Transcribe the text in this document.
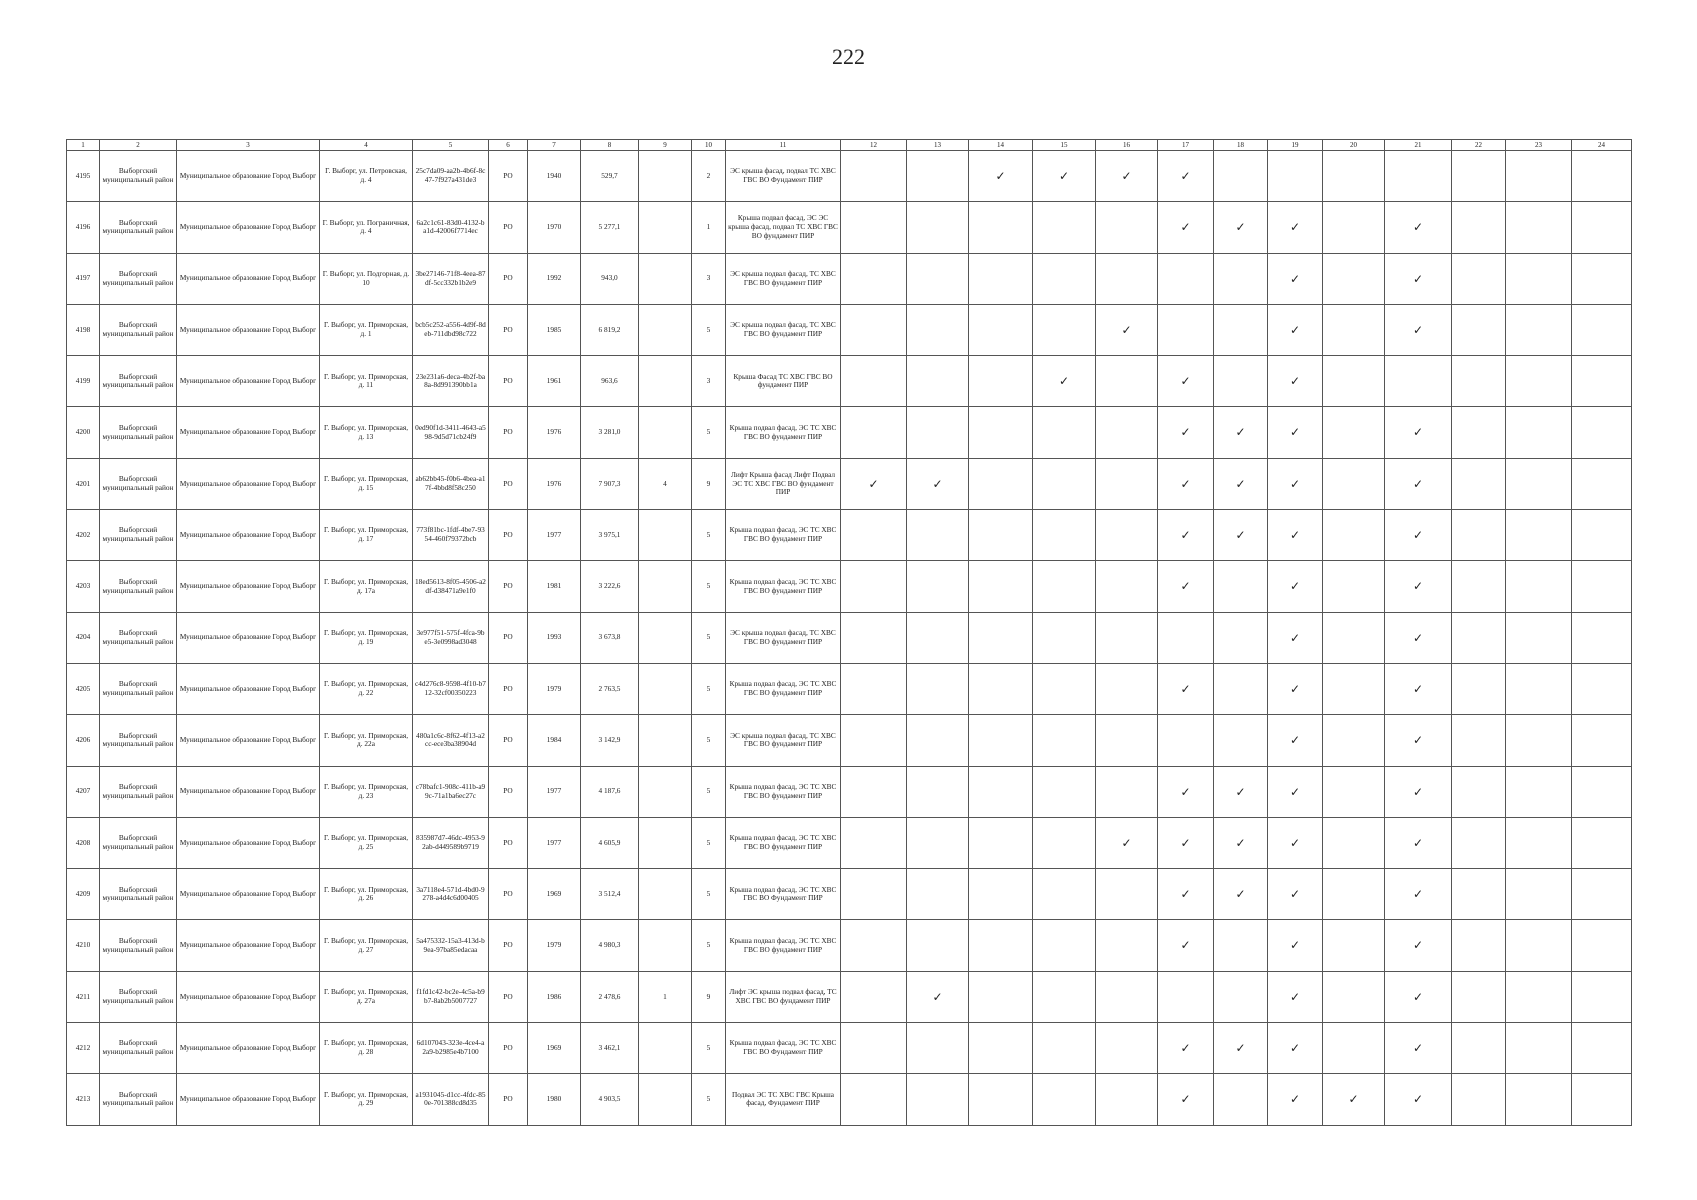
222
1	2	3	4	5	6	7	8	9	10	11	12	13	14	15	16	17	18	19	20	21	22	23	24
4195	Выборгский муниципальный район	Муниципальное образование Город Выборг	Г. Выборг, ул. Петровская, д. 4	25c7da09-aa2b-4b6f-8c47-7f927a431de3	РО	1940	529,7		2	ЭС крыша фасад, подвал ТС ХВС ГВС ВО Фундамент ПИР			✓	✓	✓	✓							
4196	Выборгский муниципальный район	Муниципальное образование Город Выборг	Г. Выборг, ул. Пограничная, д. 4	6a2c1c61-83d0-4132-ba1d-42006f7714ec	РО	1970	5 277,1		1	Крыша подвал фасад, ЭС ЭС крыша фасад, подвал ТС ХВС ГВС ВО фундамент ПИР						✓	✓	✓		✓			
4197	Выборгский муниципальный район	Муниципальное образование Город Выборг	Г. Выборг, ул. Подгорная, д. 10	3be27146-71f8-4eea-87df-5cc332b1b2e9	РО	1992	943,0		3	ЭС крыша подвал фасад, ТС ХВС ГВС ВО фундамент ПИР								✓		✓			
4198	Выборгский муниципальный район	Муниципальное образование Город Выборг	Г. Выборг, ул. Приморская, д. 1	bcb5c252-a556-4d9f-8deb-711dbd98c722	РО	1985	6 819,2		5	ЭС крыша подвал фасад, ТС ХВС ГВС ВО фундамент ПИР					✓			✓		✓			
4199	Выборгский муниципальный район	Муниципальное образование Город Выборг	Г. Выборг, ул. Приморская, д. 11	23e231a6-deca-4b2f-ba8a-8d991390bb1a	РО	1961	963,6		3	Крыша Фасад ТС ХВС ГВС ВО фундамент ПИР				✓		✓		✓					
4200	Выборгский муниципальный район	Муниципальное образование Город Выборг	Г. Выборг, ул. Приморская, д. 13	0ed90f1d-3411-4643-a598-9d5d71cb24f9	РО	1976	3 281,0		5	Крыша подвал фасад, ЭС ТС ХВС ГВС ВО фундамент ПИР						✓	✓	✓		✓			
4201	Выборгский муниципальный район	Муниципальное образование Город Выборг	Г. Выборг, ул. Приморская, д. 15	ab62bb45-f0b6-4bea-a17f-4bbd8f58c250	РО	1976	7 907,3	4	9	Лифт Крыша фасад Лифт Подвал ЭС ТС ХВС ГВС ВО фундамент ПИР	✓	✓				✓	✓	✓		✓			
4202	Выборгский муниципальный район	Муниципальное образование Город Выборг	Г. Выборг, ул. Приморская, д. 17	773f81bc-1fdf-4be7-9354-460f79372bcb	РО	1977	3 975,1		5	Крыша подвал фасад, ЭС ТС ХВС ГВС ВО фундамент ПИР						✓	✓	✓		✓			
4203	Выборгский муниципальный район	Муниципальное образование Город Выборг	Г. Выборг, ул. Приморская, д. 17а	18ed5613-8f05-4506-a2df-d38471a9e1f0	РО	1981	3 222,6		5	Крыша подвал фасад, ЭС ТС ХВС ГВС ВО фундамент ПИР						✓		✓		✓			
4204	Выборгский муниципальный район	Муниципальное образование Город Выборг	Г. Выборг, ул. Приморская, д. 19	3e977f51-575f-4fca-9be5-3e0998ad3048	РО	1993	3 673,8		5	ЭС крыша подвал фасад, ТС ХВС ГВС ВО фундамент ПИР								✓		✓			
4205	Выборгский муниципальный район	Муниципальное образование Город Выборг	Г. Выборг, ул. Приморская, д. 22	c4d276c8-9598-4f10-b712-32cf00350223	РО	1979	2 763,5		5	Крыша подвал фасад, ЭС ТС ХВС ГВС ВО фундамент ПИР						✓		✓		✓			
4206	Выборгский муниципальный район	Муниципальное образование Город Выборг	Г. Выборг, ул. Приморская, д. 22а	480a1c6c-8f62-4f13-a2cc-ece3ba38904d	РО	1984	3 142,9		5	ЭС крыша подвал фасад, ТС ХВС ГВС ВО фундамент ПИР								✓		✓			
4207	Выборгский муниципальный район	Муниципальное образование Город Выборг	Г. Выборг, ул. Приморская, д. 23	c78bafc1-908c-411b-a99c-71a1ba6ec27c	РО	1977	4 187,6		5	Крыша подвал фасад, ЭС ТС ХВС ГВС ВО фундамент ПИР						✓	✓	✓		✓			
4208	Выборгский муниципальный район	Муниципальное образование Город Выборг	Г. Выборг, ул. Приморская, д. 25	835987d7-46dc-4953-92ab-d449589b9719	РО	1977	4 605,9		5	Крыша подвал фасад, ЭС ТС ХВС ГВС ВО фундамент ПИР					✓	✓	✓	✓		✓			
4209	Выборгский муниципальный район	Муниципальное образование Город Выборг	Г. Выборг, ул. Приморская, д. 26	3a7118e4-571d-4bd0-9278-a4d4c6d00405	РО	1969	3 512,4		5	Крыша подвал фасад, ЭС ТС ХВС ГВС ВО Фундамент ПИР						✓	✓	✓		✓			
4210	Выборгский муниципальный район	Муниципальное образование Город Выборг	Г. Выборг, ул. Приморская, д. 27	5a475332-15a3-413d-b9ea-97ba85edacaa	РО	1979	4 980,3		5	Крыша подвал фасад, ЭС ТС ХВС ГВС ВО фундамент ПИР						✓		✓		✓			
4211	Выборгский муниципальный район	Муниципальное образование Город Выборг	Г. Выборг, ул. Приморская, д. 27а	f1fd1c42-bc2e-4c5a-b9b7-8ab2b5007727	РО	1986	2 478,6	1	9	Лифт ЭС крыша подвал фасад, ТС ХВС ГВС ВО фундамент ПИР		✓						✓		✓			
4212	Выборгский муниципальный район	Муниципальное образование Город Выборг	Г. Выборг, ул. Приморская, д. 28	6d107043-323e-4ce4-a2a9-b2985e4b7100	РО	1969	3 462,1		5	Крыша подвал фасад, ЭС ТС ХВС ГВС ВО Фундамент ПИР						✓	✓	✓		✓			
4213	Выборгский муниципальный район	Муниципальное образование Город Выборг	Г. Выборг, ул. Приморская, д. 29	a1931045-d1cc-4fdc-850e-701388cd8d35	РО	1980	4 903,5		5	Подвал ЭС ТС ХВС ГВС Крыша фасад, Фундамент ПИР						✓		✓	✓	✓			
